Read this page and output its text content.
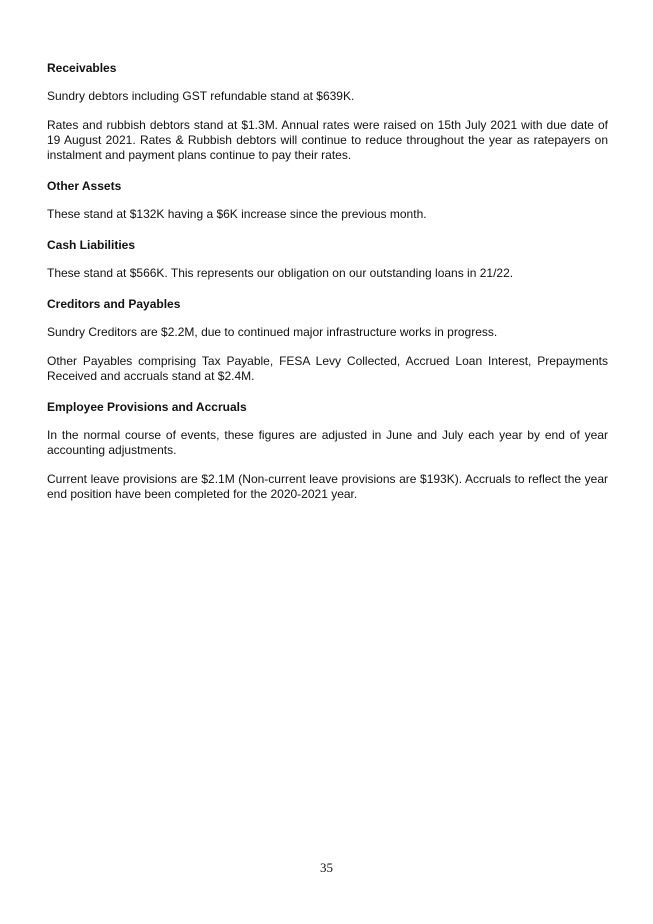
Receivables
Sundry debtors including GST refundable stand at $639K.
Rates and rubbish debtors stand at $1.3M. Annual rates were raised on 15th July 2021 with due date of 19 August 2021. Rates & Rubbish debtors will continue to reduce throughout the year as ratepayers on instalment and payment plans continue to pay their rates.
Other Assets
These stand at $132K having a $6K increase since the previous month.
Cash Liabilities
These stand at $566K. This represents our obligation on our outstanding loans in 21/22.
Creditors and Payables
Sundry Creditors are $2.2M, due to continued major infrastructure works in progress.
Other Payables comprising Tax Payable, FESA Levy Collected, Accrued Loan Interest, Prepayments Received and accruals stand at $2.4M.
Employee Provisions and Accruals
In the normal course of events, these figures are adjusted in June and July each year by end of year accounting adjustments.
Current leave provisions are $2.1M (Non-current leave provisions are $193K). Accruals to reflect the year end position have been completed for the 2020-2021 year.
35
